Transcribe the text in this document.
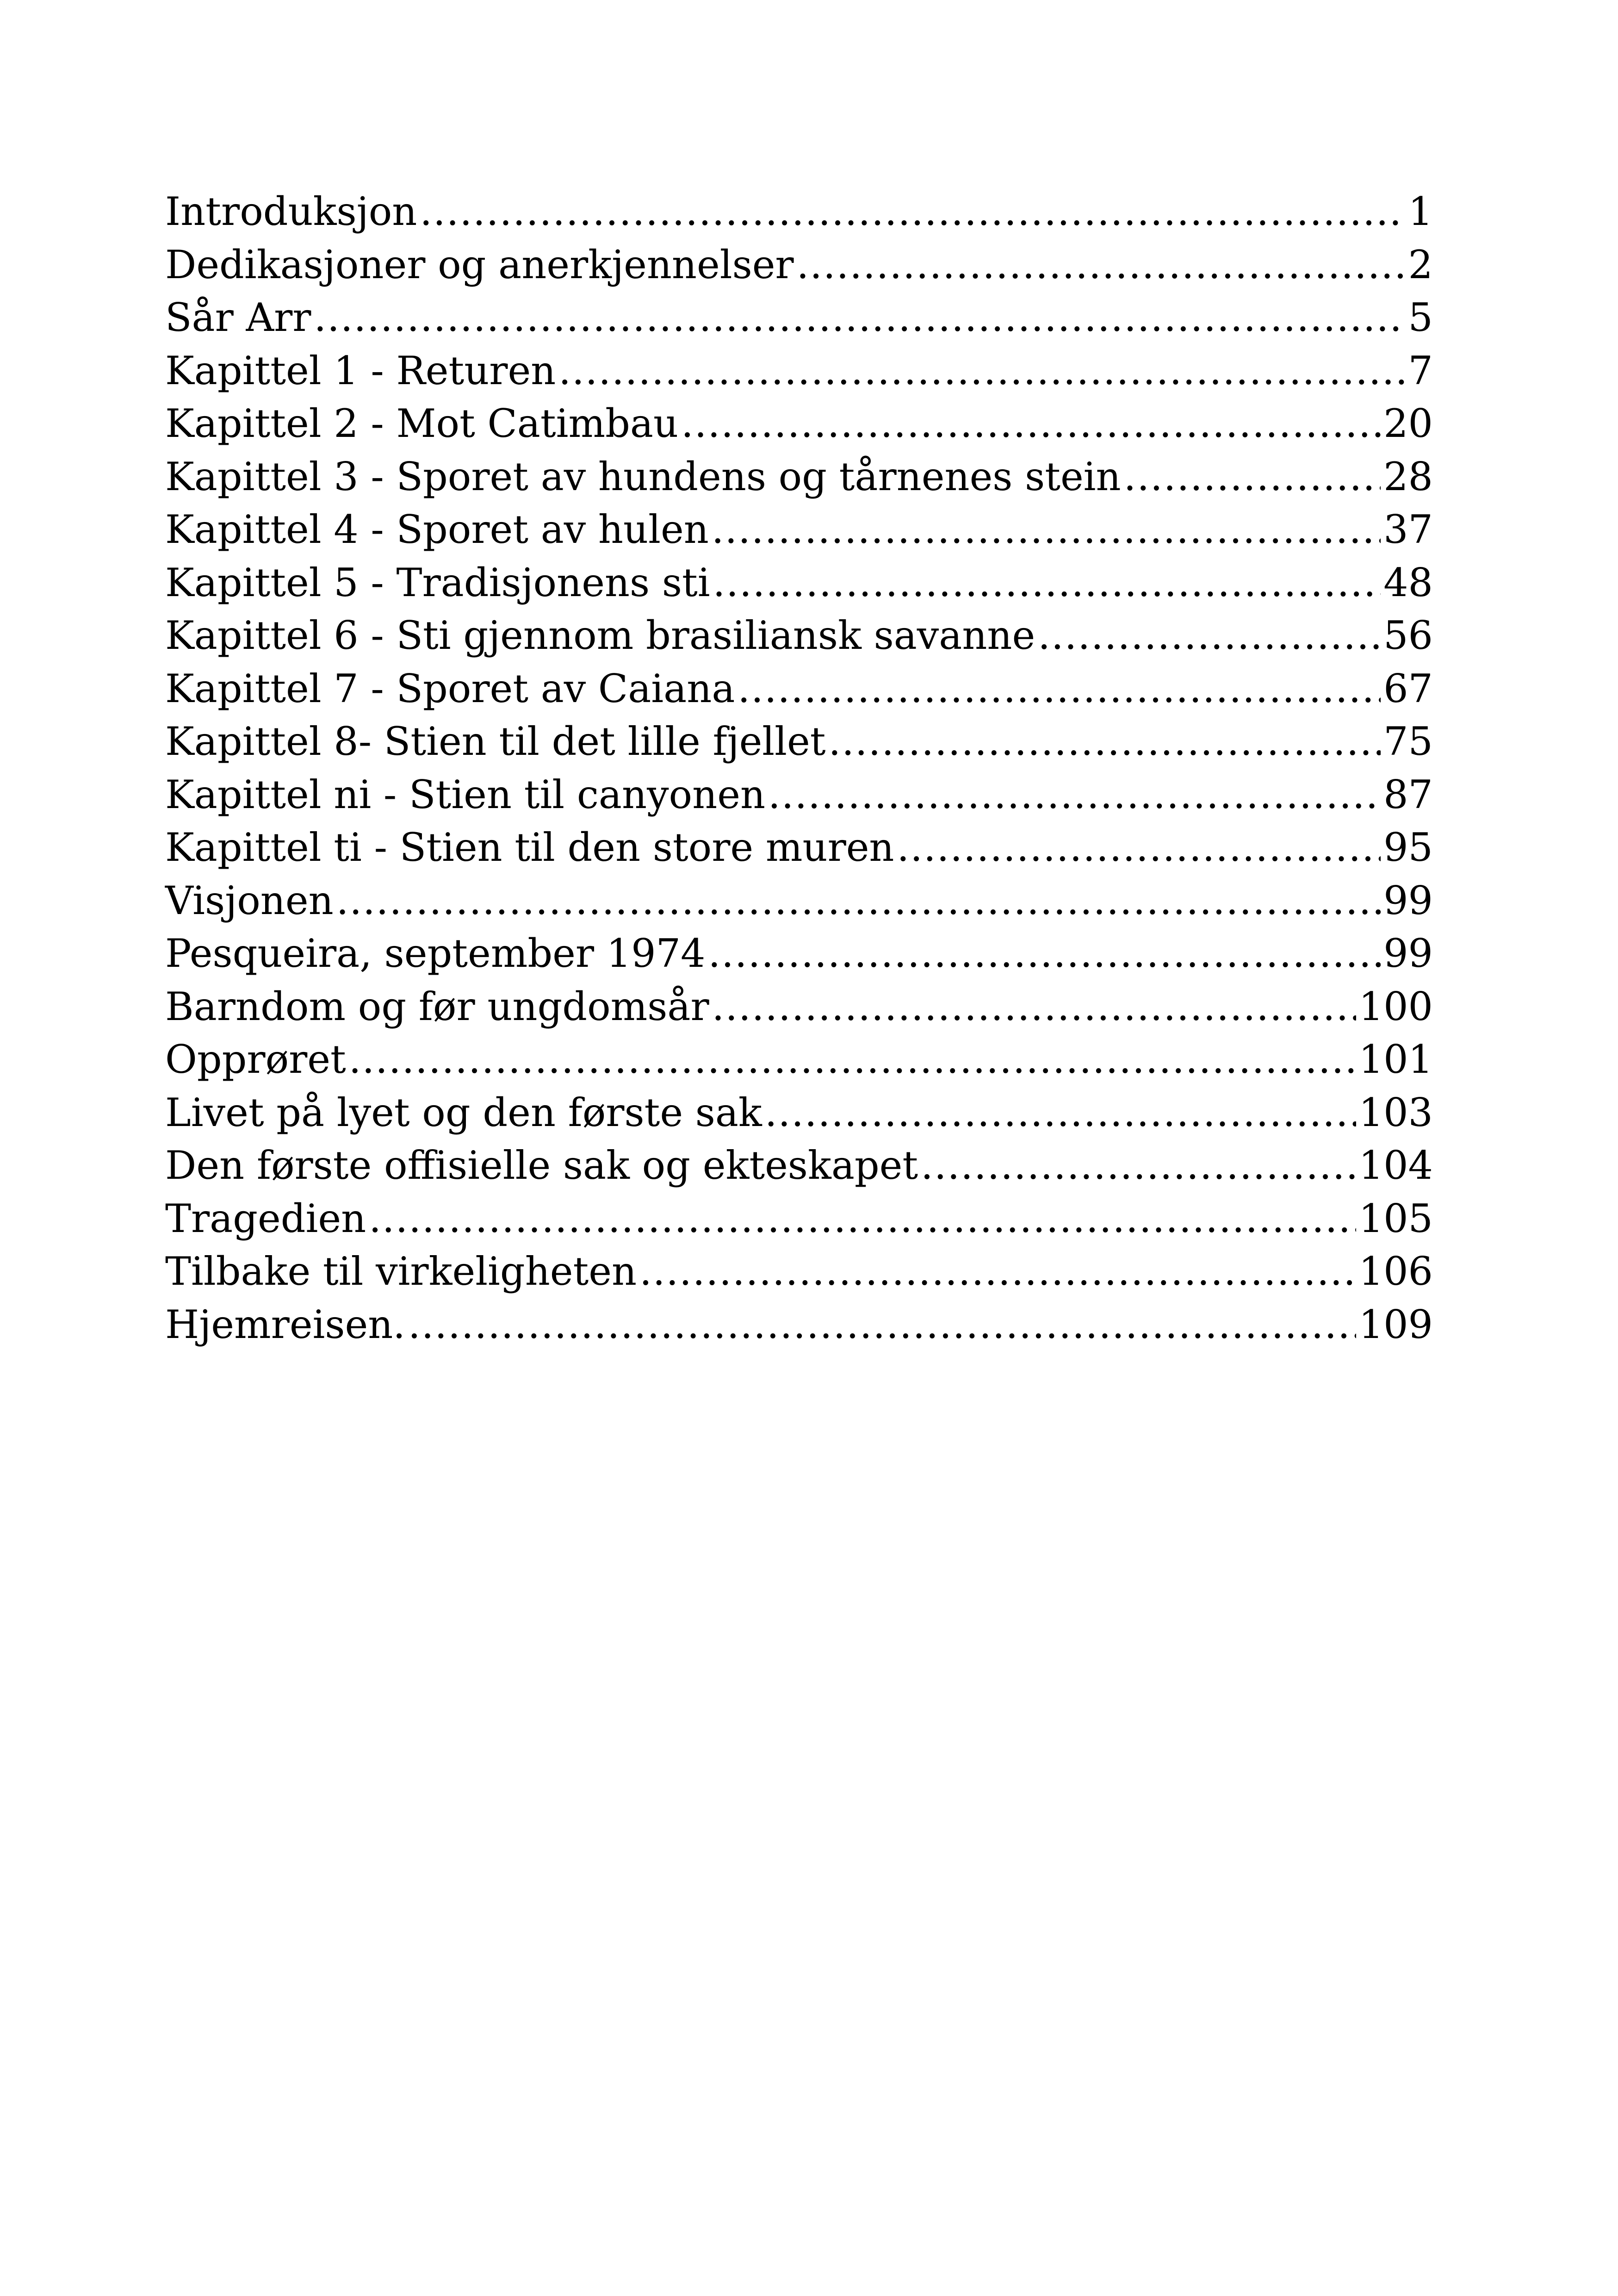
Introduksjon .....	1
Dedikasjoner og anerkjennelser .....	2
Sår Arr .....	5
Kapittel 1 - Returen .....	7
Kapittel 2 - Mot Catimbau .....	20
Kapittel 3 - Sporet av hundens og tårnenes stein .....	28
Kapittel 4 - Sporet av hulen .....	37
Kapittel 5 - Tradisjonens sti .....	48
Kapittel 6 - Sti gjennom brasiliansk savanne .....	56
Kapittel 7 - Sporet av Caiana .....	67
Kapittel 8- Stien til det lille fjellet .....	75
Kapittel ni - Stien til canyonen .....	87
Kapittel ti - Stien til den store muren .....	95
Visjonen .....	99
Pesqueira, september 1974 .....	99
Barndom og før ungdomsår .....	100
Opprøret .....	101
Livet på lyet og den første sak .....	103
Den første offisielle sak og ekteskapet .....	104
Tragedien .....	105
Tilbake til virkeligheten .....	106
Hjemreisen. .....	109
